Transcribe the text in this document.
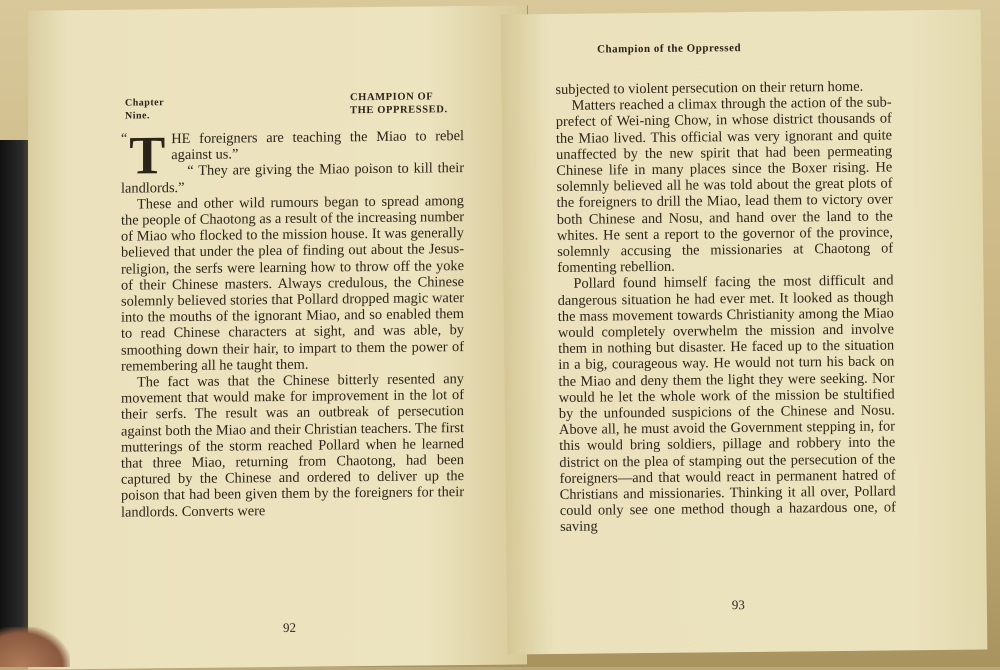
Chapter
Nine.
CHAMPION OF
THE OPPRESSED.
“ T HE foreigners are teaching the Miao to rebel against us.”

“ They are giving the Miao poison to kill their landlords.”

These and other wild rumours began to spread among the people of Chaotong as a result of the increasing number of Miao who flocked to the mission house. It was generally believed that under the plea of finding out about the Jesus-religion, the serfs were learning how to throw off the yoke of their Chinese masters. Always credulous, the Chinese solemnly believed stories that Pollard dropped magic water into the mouths of the ignorant Miao, and so enabled them to read Chinese characters at sight, and was able, by smoothing down their hair, to impart to them the power of remembering all he taught them.

The fact was that the Chinese bitterly resented any movement that would make for improvement in the lot of their serfs. The result was an outbreak of persecution against both the Miao and their Christian teachers. The first mutterings of the storm reached Pollard when he learned that three Miao, returning from Chaotong, had been captured by the Chinese and ordered to deliver up the poison that had been given them by the foreigners for their landlords. Converts were

92
Champion of the Oppressed

subjected to violent persecution on their return home.

Matters reached a climax through the action of the sub-prefect of Wei-ning Chow, in whose district thousands of the Miao lived. This official was very ignorant and quite unaffected by the new spirit that had been permeating Chinese life in many places since the Boxer rising. He solemnly believed all he was told about the great plots of the foreigners to drill the Miao, lead them to victory over both Chinese and Nosu, and hand over the land to the whites. He sent a report to the governor of the province, solemnly accusing the missionaries at Chaotong of fomenting rebellion.

Pollard found himself facing the most difficult and dangerous situation he had ever met. It looked as though the mass movement towards Christianity among the Miao would completely overwhelm the mission and involve them in nothing but disaster. He faced up to the situation in a big, courageous way. He would not turn his back on the Miao and deny them the light they were seeking. Nor would he let the whole work of the mission be stultified by the unfounded suspicions of the Chinese and Nosu. Above all, he must avoid the Government stepping in, for this would bring soldiers, pillage and robbery into the district on the plea of stamping out the persecution of the foreigners—and that would react in permanent hatred of Christians and missionaries. Thinking it all over, Pollard could only see one method though a hazardous one, of saving

93
